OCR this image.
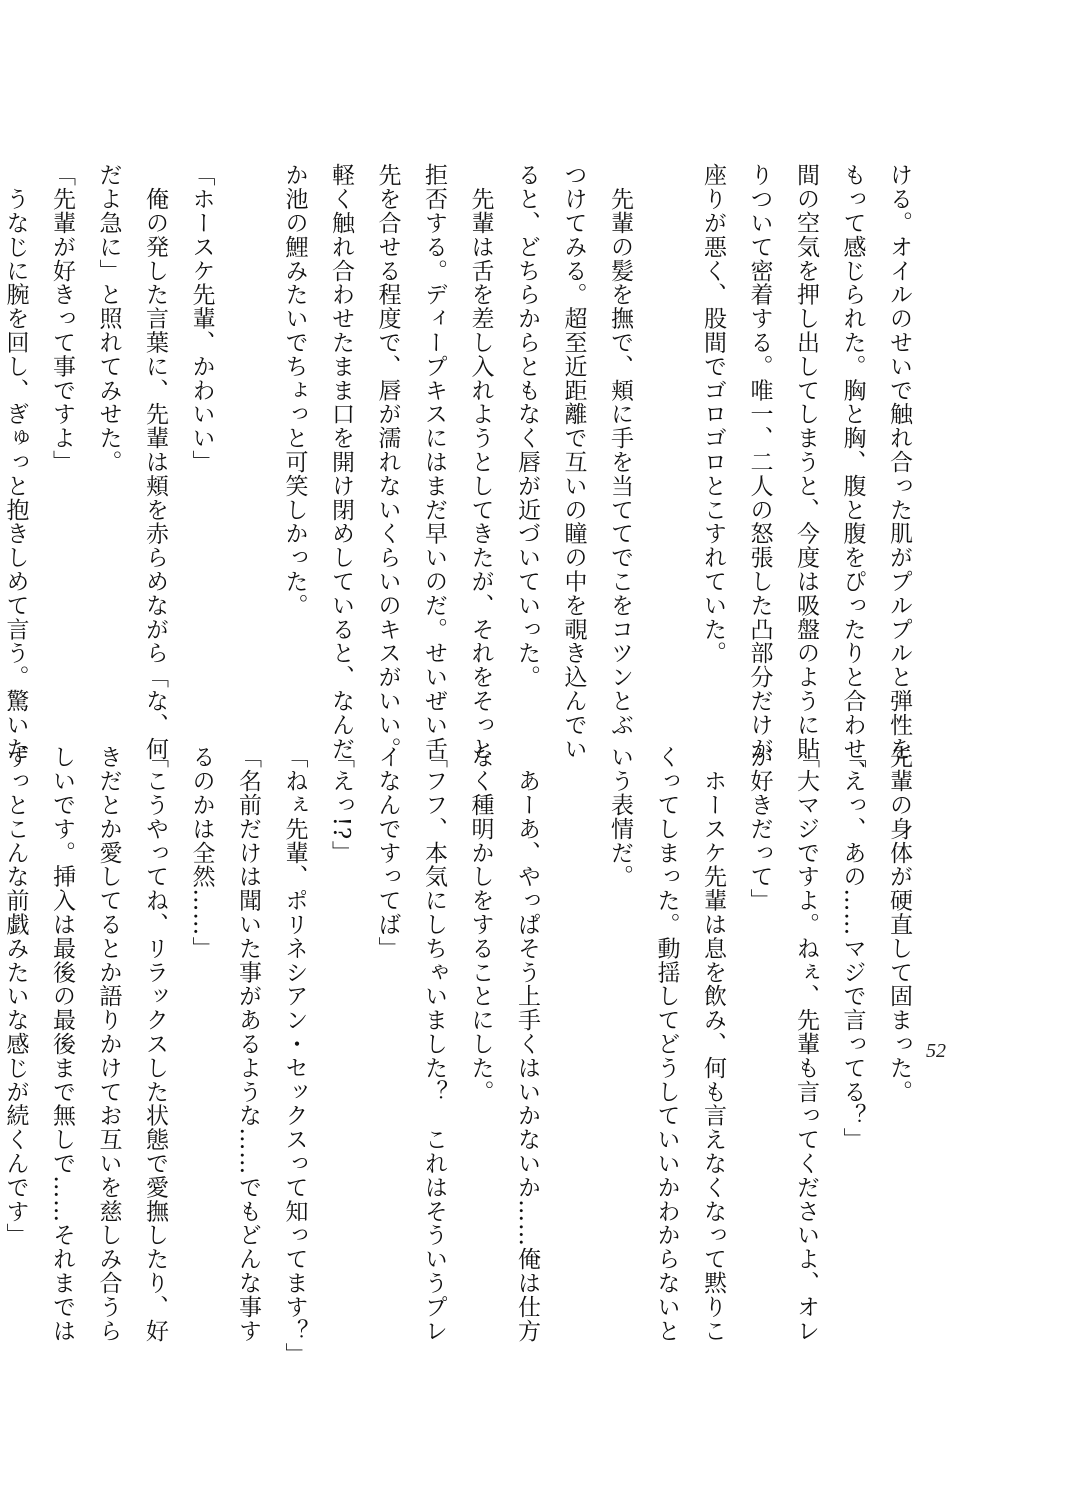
ける。オイルのせいで触れ合った肌がプルプルと弾性を
もって感じられた。胸と胸、腹と腹をぴったりと合わせ、
間の空気を押し出してしまうと、今度は吸盤のように貼
りついて密着する。唯一、二人の怒張した凸部分だけが
座りが悪く、股間でゴロゴロとこすれていた。

　先輩の髪を撫で、頬に手を当ててでこをコツンとぶ
つけてみる。超至近距離で互いの瞳の中を覗き込んでい
ると、どちらからともなく唇が近づいていった。
　先輩は舌を差し入れようとしてきたが、それをそっと
拒否する。ディープキスにはまだ早いのだ。せいぜい舌
先を合せる程度で、唇が濡れないくらいのキスがいい。
軽く触れ合わせたまま口を開け閉めしていると、なんだ
か池の鯉みたいでちょっと可笑しかった。

「ホースケ先輩、かわいい」
　俺の発した言葉に、先輩は頬を赤らめながら「な、何
だよ急に」と照れてみせた。
「先輩が好きって事ですよ」
　うなじに腕を回し、ぎゅっと抱きしめて言う。驚いた
先輩の身体が硬直して固まった。
「えっ、あの……マジで言ってる？」
「大マジですよ。ねぇ、先輩も言ってくださいよ、オレ
が好きだって」
　ホースケ先輩は息を飲み、何も言えなくなって黙りこ
くってしまった。動揺してどうしていいかわからないと
いう表情だ。

　あーあ、やっぱそう上手くはいかないか……俺は仕方
なく種明かしをすることにした。
「フフ、本気にしちゃいました？　これはそういうプレ
イなんですってば」
「えっ!?」
「ねぇ先輩、ポリネシアン・セックスって知ってます？」
「名前だけは聞いた事があるような……でもどんな事す
るのかは全然……」
「こうやってね、リラックスした状態で愛撫したり、好
きだとか愛してるとか語りかけてお互いを慈しみ合うら
しいです。挿入は最後の最後まで無しで……それまでは
ずっとこんな前戯みたいな感じが続くんです」	52
